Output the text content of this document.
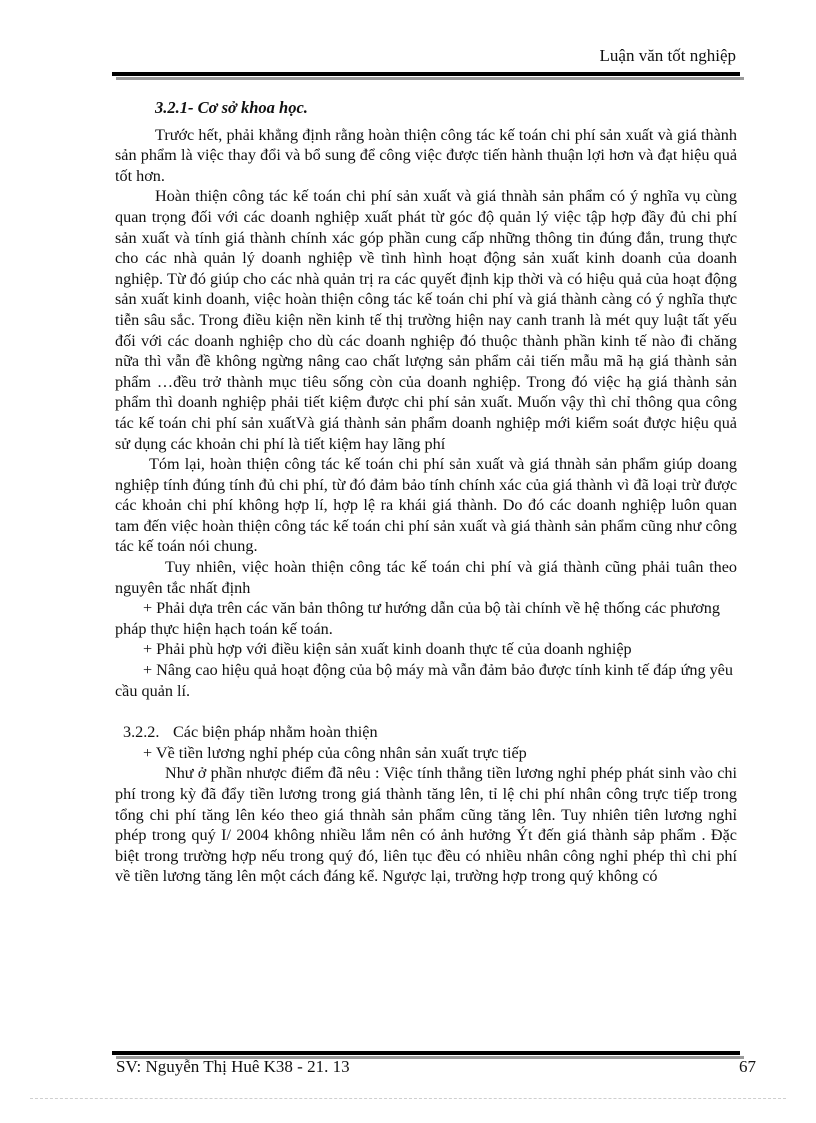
Luận văn tốt nghiệp

3.2.1- Cơ sở khoa học.

Trước hết, phải khẳng định rằng hoàn thiện công tác kế toán chi phí sản xuất và giá thành sản phẩm là việc thay đổi và bổ sung để công việc được tiến hành thuận lợi hơn và đạt hiệu quả tốt hơn.

Hoàn thiện công tác kế toán chi phí sản xuất và giá thnàh sản phẩm có ý nghĩa vụ cùng quan trọng đối với các doanh nghiệp xuất phát từ góc độ quản lý việc tập hợp đầy đủ chi phí sản xuất và tính giá thành chính xác góp phần cung cấp những thông tin đúng đắn, trung thực cho các nhà quản lý doanh nghiệp về tình hình hoạt động sản xuất kinh doanh của doanh nghiệp. Từ đó giúp cho các nhà quản trị ra các quyết định kịp thời và có hiệu quả của hoạt động sản xuất kinh doanh, việc hoàn thiện công tác kế toán chi phí và giá thành càng có ý nghĩa thực tiễn sâu sắc. Trong điều kiện nền kinh tế thị trường hiện nay canh tranh là mét quy luật tất yếu đối với các doanh nghiệp cho dù các doanh nghiệp đó thuộc thành phần kinh tế nào đi chăng nữa thì vẫn đề không ngừng nâng cao chất lượng sản phẩm cải tiến mẫu mã hạ giá thành sản phẩm …đều trở thành mục tiêu sống còn của doanh nghiệp. Trong đó việc hạ giá thành sản phẩm thì doanh nghiệp phải tiết kiệm được chi phí sản xuất. Muốn vậy thì chỉ thông qua công tác kế toán chi phí sản xuấtVà giá thành sản phẩm doanh nghiệp mới kiểm soát được hiệu quả sử dụng các khoản chi phí là tiết kiệm hay lãng phí

Tóm lại, hoàn thiện công tác kế toán chi phí sản xuất và giá thnàh sản phẩm giúp doang nghiệp tính đúng tính đủ chi phí, từ đó đảm bảo tính chính xác của giá thành vì đã loại trừ được các khoản chi phí không hợp lí, hợp lệ ra khái giá thành. Do đó các doanh nghiệp luôn quan tam đến việc hoàn thiện công tác kế toán chi phí sản xuất và giá thành sản phẩm cũng như công tác kế toán nói chung.

Tuy nhiên, việc hoàn thiện công tác kế toán chi phí và giá thành cũng phải tuân theo nguyên tắc nhất định

+ Phải dựa trên các văn bản thông tư hướng dẫn của bộ tài chính về hệ thống các phương pháp thực hiện hạch toán kế toán.

+ Phải phù hợp với điều kiện sản xuất kinh doanh thực tế của doanh nghiệp

+ Nâng cao hiệu quả hoạt động của bộ máy mà vẫn đảm bảo được tính kinh tế đáp ứng yêu cầu quản lí.

3.2.2. Các biện pháp nhằm hoàn thiện

+ Về tiền lương nghỉ phép của công nhân sản xuất trực tiếp

Như ở phần nhược điểm đã nêu : Việc tính thẳng tiền lương nghỉ phép phát sinh vào chi phí trong kỳ đã đẩy tiền lương trong giá thành tăng lên, tỉ lệ chi phí nhân công trực tiếp trong tổng chi phí tăng lên kéo theo giá thnàh sản phẩm cũng tăng lên. Tuy nhiên tiên lương nghỉ phép trong quý I/ 2004 không nhiều lắm nên có ảnh hưởng Ýt đến giá thành sảp phẩm . Đặc biệt trong trường hợp nếu trong quý đó, liên tục đều có nhiều nhân công nghỉ phép thì chi phí về tiền lương tăng lên một cách đáng kể. Ngược lại, trường hợp trong quý không có

SV: Nguyễn Thị Huê K38 - 21. 13	67
